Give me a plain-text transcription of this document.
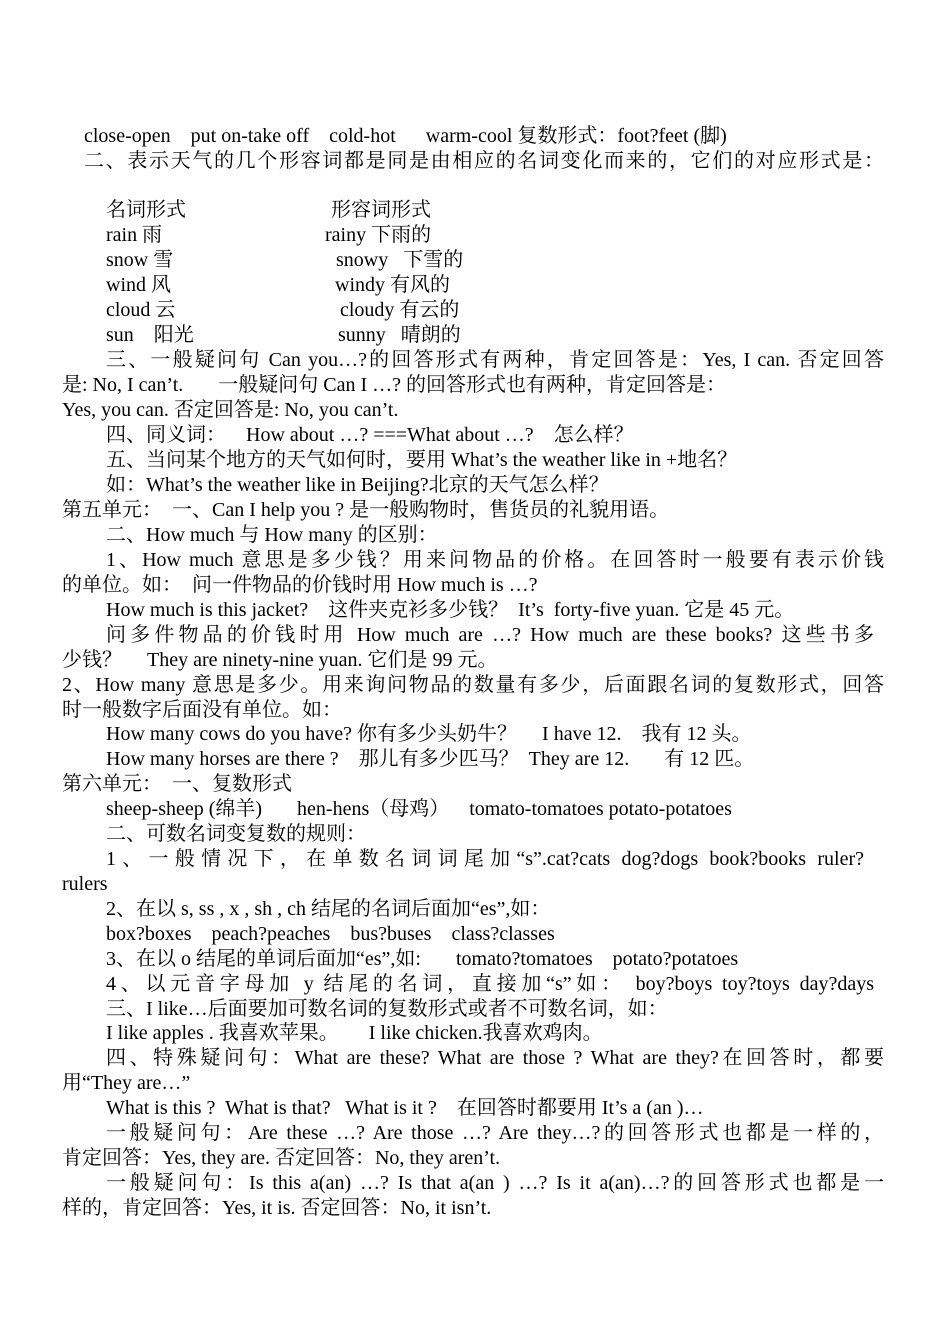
close-open    put on-take off    cold-hot      warm-cool 复数形式：foot?feet (脚)
二、表示天气的几个形容词都是同是由相应的名词变化而来的，它们的对应形式是：
名词形式	形容词形式
rain 雨	rainy 下雨的
snow 雪	snowy   下雪的
wind 风	windy 有风的
cloud 云	cloudy 有云的
sun    阳光	sunny   晴朗的
三、一般疑问句 Can you…?的回答形式有两种，肯定回答是：Yes, I can. 否定回答
是: No, I can’t.       一般疑问句 Can I …? 的回答形式也有两种，肯定回答是：
Yes, you can. 否定回答是: No, you can’t.
四、同义词：    How about …? ===What about …?    怎么样？
五、当问某个地方的天气如何时，要用 What’s the weather like in +地名？
如：What’s the weather like in Beijing?北京的天气怎么样？
第五单元：  一、Can I help you ? 是一般购物时，售货员的礼貌用语。
二、How much 与 How many 的区别：
1、How much 意思是多少钱？用来问物品的价格。在回答时一般要有表示价钱
的单位。如：  问一件物品的价钱时用 How much is …?
How much is this jacket?    这件夹克衫多少钱？  It’s  forty-five yuan. 它是 45 元。
问多件物品的价钱时用 How much are …? How much are these books? 这些书多
少钱？     They are ninety-nine yuan. 它们是 99 元。
2、How many 意思是多少。用来询问物品的数量有多少，后面跟名词的复数形式，回答
时一般数字后面没有单位。如：
How many cows do you have? 你有多少头奶牛？     I have 12.    我有 12 头。
How many horses are there ?    那儿有多少匹马？  They are 12.       有 12 匹。
第六单元：  一、复数形式
sheep-sheep (绵羊)       hen-hens（母鸡）    tomato-tomatoes potato-potatoes
二、可数名词变复数的规则：
1、一般情况下，在单数名词词尾加“s”.cat?cats dog?dogs book?books ruler?
rulers
2、在以 s, ss , x , sh , ch 结尾的名词后面加“es”,如：
box?boxes    peach?peaches    bus?buses    class?classes
3、在以 o 结尾的单词后面加“es”,如:       tomato?tomatoes    potato?potatoes
4、以元音字母加 y 结尾的名词，直接加“s”如： boy?boys toy?toys day?days
三、I like…后面要加可数名词的复数形式或者不可数名词，如：
I like apples . 我喜欢苹果。      I like chicken.我喜欢鸡肉。
四、特殊疑问句：What are these? What are those ? What are they?在回答时，都要
用“They are…”
What is this ?  What is that?   What is it ?    在回答时都要用 It’s a (an )…
一般疑问句：Are these …? Are those …? Are they…?的回答形式也都是一样的，
肯定回答：Yes, they are. 否定回答：No, they aren’t.
一般疑问句：Is this a(an) …? Is that a(an ) …? Is it a(an)…?的回答形式也都是一
样的，肯定回答：Yes, it is. 否定回答：No, it isn’t.
